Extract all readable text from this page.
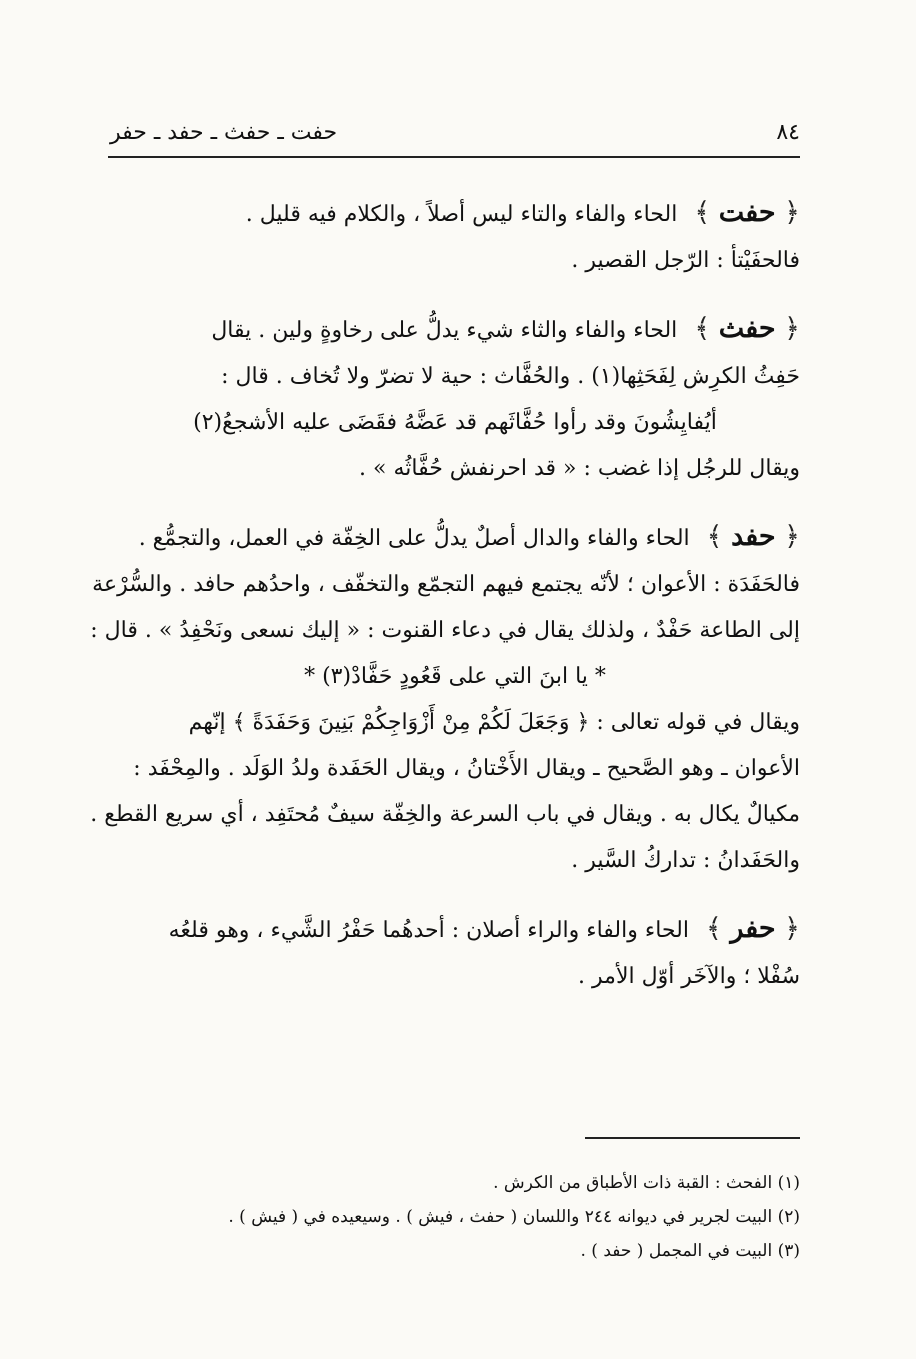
٨٤
حفت ـ حفث ـ حفد ـ حفر
﴿ حفت ﴾ الحاء والفاء والتاء ليس أصلاً ، والكلام فيه قليل .
فالحفَيْتأ : الرّجل القصير .
﴿ حفث ﴾ الحاء والفاء والثاء شيء يدلُّ على رخاوةٍ ولين . يقال
حَفِثُ الكرِش لِفَحَثِها(١) . والحُفَّاث : حية لا تضرّ ولا تُخاف . قال :
أيُفايِشُونَ وقد رأوا حُفَّاثَهم قد عَضَّهُ فقَضَى عليه الأشجعُ(٢)
ويقال للرجُل إذا غضب : « قد احرنفش حُفَّاثُه » .
﴿ حفد ﴾ الحاء والفاء والدال أصلٌ يدلُّ على الخِفّة في العمل، والتجمُّع .
فالحَفَدَة : الأعوان ؛ لأنّه يجتمع فيهم التجمّع والتخفّف ، واحدُهم حافد . والسُّرْعة
إلى الطاعة حَفْدٌ ، ولذلك يقال في دعاء القنوت : « إليك نسعى ونَحْفِدُ » . قال :
* يا ابنَ التي على قَعُودٍ حَفَّادْ(٣) *
ويقال في قوله تعالى : ﴿ وَجَعَلَ لَكُمْ مِنْ أَزْوَاجِكُمْ بَنِينَ وَحَفَدَةً ﴾ إنّهم
الأعوان ـ وهو الصَّحيح ـ ويقال الأَخْتانُ ، ويقال الحَفَدة ولدُ الوَلَد . والمِحْفَد :
مكيالٌ يكال به . ويقال في باب السرعة والخِفّة سيفٌ مُحتَفِد ، أي سريع القطع .
والحَفَدانُ : تداركُ السَّير .
﴿ حفر ﴾ الحاء والفاء والراء أصلان : أحدهُما حَفْرُ الشَّيء ، وهو قلعُه
سُفْلا ؛ والآخَر أوّل الأمر .
(١) الفحث : القبة ذات الأطباق من الكرش .
(٢) البيت لجرير في ديوانه ٢٤٤ واللسان ( حفث ، فيش ) . وسيعيده في ( فيش ) .
(٣) البيت في المجمل ( حفد ) .
